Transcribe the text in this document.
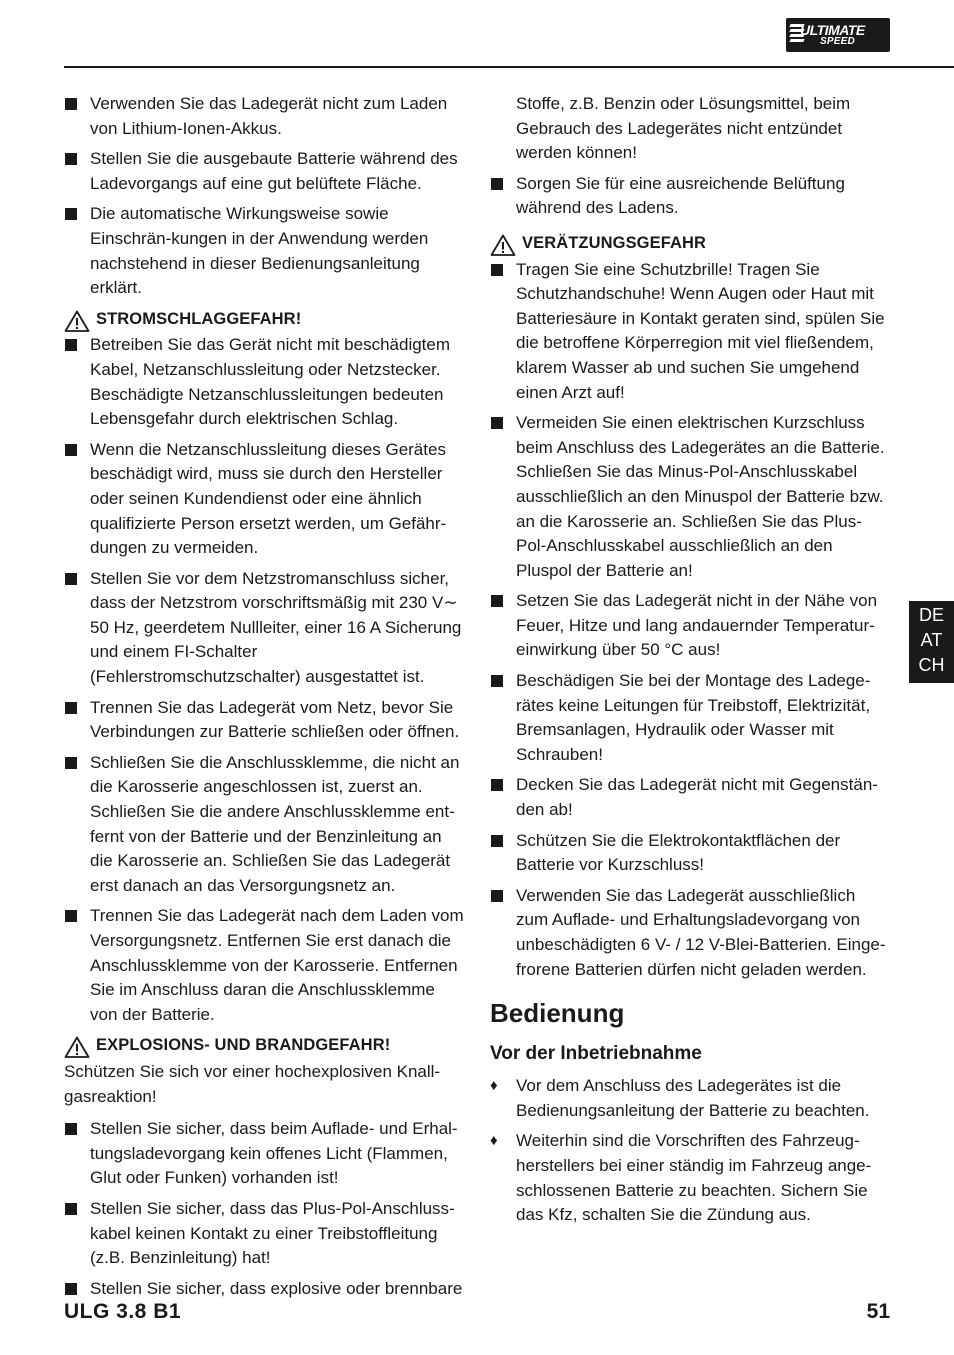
ULTIMATE
SPEED
Verwenden Sie das Ladegerät nicht zum Laden von Lithium-Ionen-Akkus.
Stellen Sie die ausgebaute Batterie während des Ladevorgangs auf eine gut belüftete Fläche.
Die automatische Wirkungsweise sowie Einschrän-kungen in der Anwendung werden nachstehend in dieser Bedienungsanleitung erklärt.
STROMSCHLAGGEFAHR!
Betreiben Sie das Gerät nicht mit beschädigtem Kabel, Netzanschlussleitung oder Netzstecker. Beschädigte Netzanschlussleitungen bedeuten Lebensgefahr durch elektrischen Schlag.
Wenn die Netzanschlussleitung dieses Gerätes beschädigt wird, muss sie durch den Hersteller oder seinen Kundendienst oder eine ähnlich qualifizierte Person ersetzt werden, um Gefähr-dungen zu vermeiden.
Stellen Sie vor dem Netzstromanschluss sicher, dass der Netzstrom vorschriftsmäßig mit 230 V∼ 50 Hz, geerdetem Nullleiter, einer 16 A Sicherung und einem FI-Schalter (Fehlerstromschutzschalter) ausgestattet ist.
Trennen Sie das Ladegerät vom Netz, bevor Sie Verbindungen zur Batterie schließen oder öffnen.
Schließen Sie die Anschlussklemme, die nicht an die Karosserie angeschlossen ist, zuerst an. Schließen Sie die andere Anschlussklemme ent-fernt von der Batterie und der Benzinleitung an die Karosserie an. Schließen Sie das Ladegerät erst danach an das Versorgungsnetz an.
Trennen Sie das Ladegerät nach dem Laden vom Versorgungsnetz. Entfernen Sie erst danach die Anschlussklemme von der Karosserie. Entfernen Sie im Anschluss daran die Anschlussklemme von der Batterie.
EXPLOSIONS- UND BRANDGEFAHR!

Schützen Sie sich vor einer hochexplosiven Knall-gasreaktion!

Stellen Sie sicher, dass beim Auflade- und Erhal-tungsladevorgang kein offenes Licht (Flammen, Glut oder Funken) vorhanden ist!
Stellen Sie sicher, dass das Plus-Pol-Anschluss-kabel keinen Kontakt zu einer Treibstoffleitung (z.B. Benzinleitung) hat!
Stellen Sie sicher, dass explosive oder brennbare
Stoffe, z.B. Benzin oder Lösungsmittel, beim Gebrauch des Ladegerätes nicht entzündet werden können!
Sorgen Sie für eine ausreichende Belüftung während des Ladens.
VERÄTZUNGSGEFAHR
Tragen Sie eine Schutzbrille! Tragen Sie Schutzhandschuhe! Wenn Augen oder Haut mit Batteriesäure in Kontakt geraten sind, spülen Sie die betroffene Körperregion mit viel fließendem, klarem Wasser ab und suchen Sie umgehend einen Arzt auf!
Vermeiden Sie einen elektrischen Kurzschluss beim Anschluss des Ladegerätes an die Batterie. Schließen Sie das Minus-Pol-Anschlusskabel ausschließlich an den Minuspol der Batterie bzw. an die Karosserie an. Schließen Sie das Plus-Pol-Anschlusskabel ausschließlich an den Pluspol der Batterie an!
Setzen Sie das Ladegerät nicht in der Nähe von Feuer, Hitze und lang andauernder Temperatur-einwirkung über 50 °C aus!
Beschädigen Sie bei der Montage des Ladege-rätes keine Leitungen für Treibstoff, Elektrizität, Bremsanlagen, Hydraulik oder Wasser mit Schrauben!
Decken Sie das Ladegerät nicht mit Gegenstän-den ab!
Schützen Sie die Elektrokontaktflächen der Batterie vor Kurzschluss!
Verwenden Sie das Ladegerät ausschließlich zum Auflade- und Erhaltungsladevorgang von unbeschädigten 6 V- / 12 V-Blei-Batterien. Einge-frorene Batterien dürfen nicht geladen werden.
Bedienung
Vor der Inbetriebnahme
♦ Vor dem Anschluss des Ladegerätes ist die Bedienungsanleitung der Batterie zu beachten.
♦ Weiterhin sind die Vorschriften des Fahrzeug-herstellers bei einer ständig im Fahrzeug ange-schlossenen Batterie zu beachten. Sichern Sie das Kfz, schalten Sie die Zündung aus.
DE
AT
CH
ULG 3.8 B1	51
